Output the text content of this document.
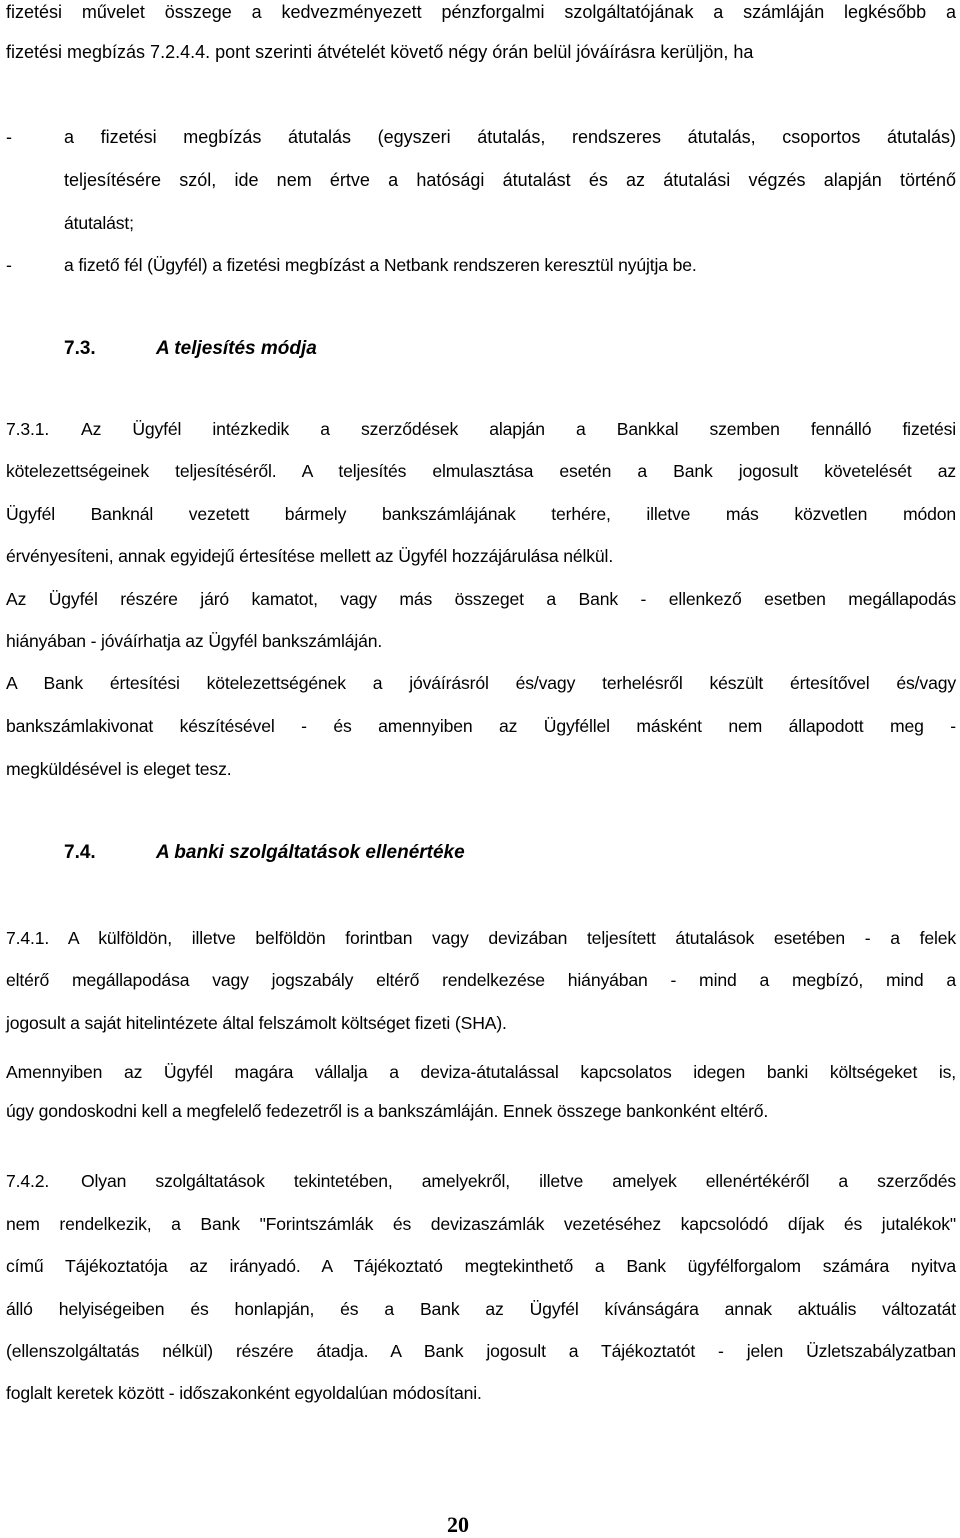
fizetési művelet összege a kedvezményezett pénzforgalmi szolgáltatójának a számláján legkésőbb a
fizetési megbízás 7.2.4.4. pont szerinti átvételét követő négy órán belül jóváírásra kerüljön, ha
-	a fizetési megbízás átutalás (egyszeri átutalás, rendszeres átutalás, csoportos átutalás)
teljesítésére szól, ide nem értve a hatósági átutalást és az átutalási végzés alapján történő
átutalást;
-	a fizető fél (Ügyfél) a fizetési megbízást a Netbank rendszeren keresztül nyújtja be.
7.3.	A teljesítés módja
7.3.1.	Az Ügyfél intézkedik a szerződések alapján a Bankkal szemben fennálló fizetési
kötelezettségeinek teljesítéséről. A teljesítés elmulasztása esetén a Bank jogosult követelését az
Ügyfél Banknál vezetett bármely bankszámlájának terhére, illetve más közvetlen módon
érvényesíteni, annak egyidejű értesítése mellett az Ügyfél hozzájárulása nélkül.
Az Ügyfél részére járó kamatot, vagy más összeget a Bank - ellenkező esetben megállapodás
hiányában - jóváírhatja az Ügyfél bankszámláján.
A Bank értesítési kötelezettségének a jóváírásról és/vagy terhelésről készült értesítővel és/vagy
bankszámlakivonat készítésével - és amennyiben az Ügyféllel másként nem állapodott meg -
megküldésével is eleget tesz.
7.4.	A banki szolgáltatások ellenértéke
7.4.1. A külföldön, illetve belföldön forintban vagy devizában teljesített átutalások esetében - a felek
eltérő megállapodása vagy jogszabály eltérő rendelkezése hiányában - mind a megbízó, mind a
jogosult a saját hitelintézete által felszámolt költséget fizeti (SHA).
Amennyiben az Ügyfél magára vállalja a deviza-átutalással kapcsolatos idegen banki költségeket is,
úgy gondoskodni kell a megfelelő fedezetről is a bankszámláján. Ennek összege bankonként eltérő.
7.4.2.	Olyan szolgáltatások tekintetében, amelyekről, illetve amelyek ellenértékéről a szerződés
nem rendelkezik, a Bank "Forintszámlák és devizaszámlák vezetéséhez kapcsolódó díjak és jutalékok"
című Tájékoztatója az irányadó. A Tájékoztató megtekinthető a Bank ügyfélforgalom számára nyitva
álló helyiségeiben és honlapján, és a Bank az Ügyfél kívánságára annak aktuális változatát
(ellenszolgáltatás nélkül) részére átadja. A Bank jogosult a Tájékoztatót - jelen Üzletszabályzatban
foglalt keretek között - időszakonként egyoldalúan módosítani.
20
